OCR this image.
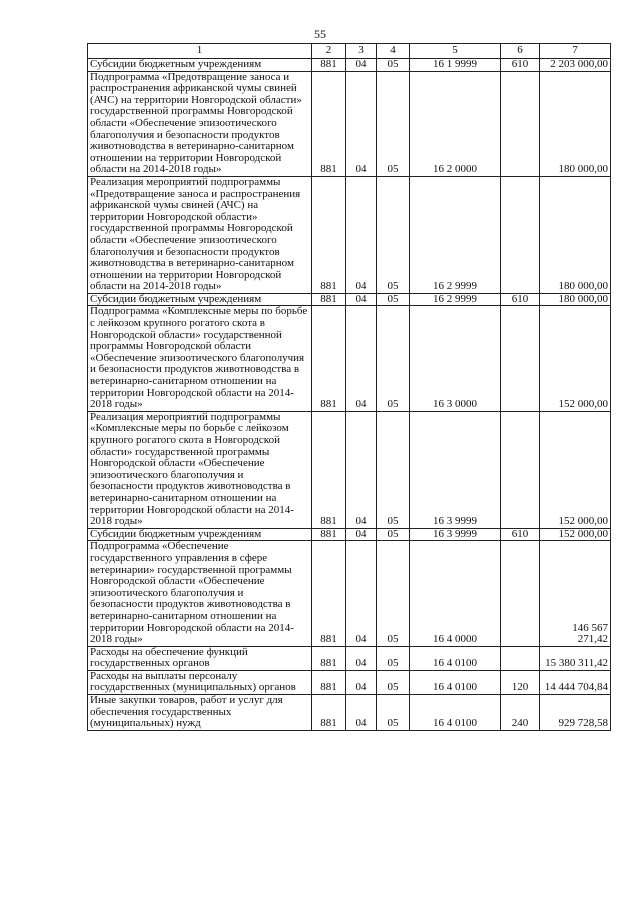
55
1	2	3	4	5	6	7
Субсидии бюджетным учреждениям	881	04	05	16 1 9999	610	2 203 000,00
Подпрограмма «Предотвращение заноса и распространения африканской чумы свиней (АЧС) на территории Новгородской области» государственной программы Новгородской области «Обеспечение эпизоотического благополучия и безопасности продуктов животноводства в ветеринарно-санитарном отношении на территории Новгородской области на 2014-2018 годы»	881	04	05	16 2 0000		180 000,00
Реализация мероприятий подпрограммы «Предотвращение заноса и распространения африканской чумы свиней (АЧС) на территории Новгородской области» государственной программы Новгородской области «Обеспечение эпизоотического благополучия и безопасности продуктов животноводства в ветеринарно-санитарном отношении на территории Новгородской области на 2014-2018 годы»	881	04	05	16 2 9999		180 000,00
Субсидии бюджетным учреждениям	881	04	05	16 2 9999	610	180 000,00
Подпрограмма «Комплексные меры по борьбе с лейкозом крупного рогатого скота в Новгородской области» государственной программы Новгородской области «Обеспечение эпизоотического благополучия и безопасности продуктов животноводства в ветеринарно-санитарном отношении на территории Новгородской области на 2014-2018 годы»	881	04	05	16 3 0000		152 000,00
Реализация мероприятий подпрограммы «Комплексные меры по борьбе с лейкозом крупного рогатого скота в Новгородской области» государственной программы Новгородской области «Обеспечение эпизоотического благополучия и безопасности продуктов животноводства в ветеринарно-санитарном отношении на территории Новгородской области на 2014-2018 годы»	881	04	05	16 3 9999		152 000,00
Субсидии бюджетным учреждениям	881	04	05	16 3 9999	610	152 000,00
Подпрограмма «Обеспечение государственного управления в сфере ветеринарии» государственной программы Новгородской области «Обеспечение эпизоотического благополучия и безопасности продуктов животноводства в ветеринарно-санитарном отношении на территории Новгородской области на 2014-2018 годы»	881	04	05	16 4 0000		146 567 271,42
Расходы на обеспечение функций государственных органов	881	04	05	16 4 0100		15 380 311,42
Расходы на выплаты персоналу государственных (муниципальных) органов	881	04	05	16 4 0100	120	14 444 704,84
Иные закупки товаров, работ и услуг для обеспечения государственных (муниципальных) нужд	881	04	05	16 4 0100	240	929 728,58
